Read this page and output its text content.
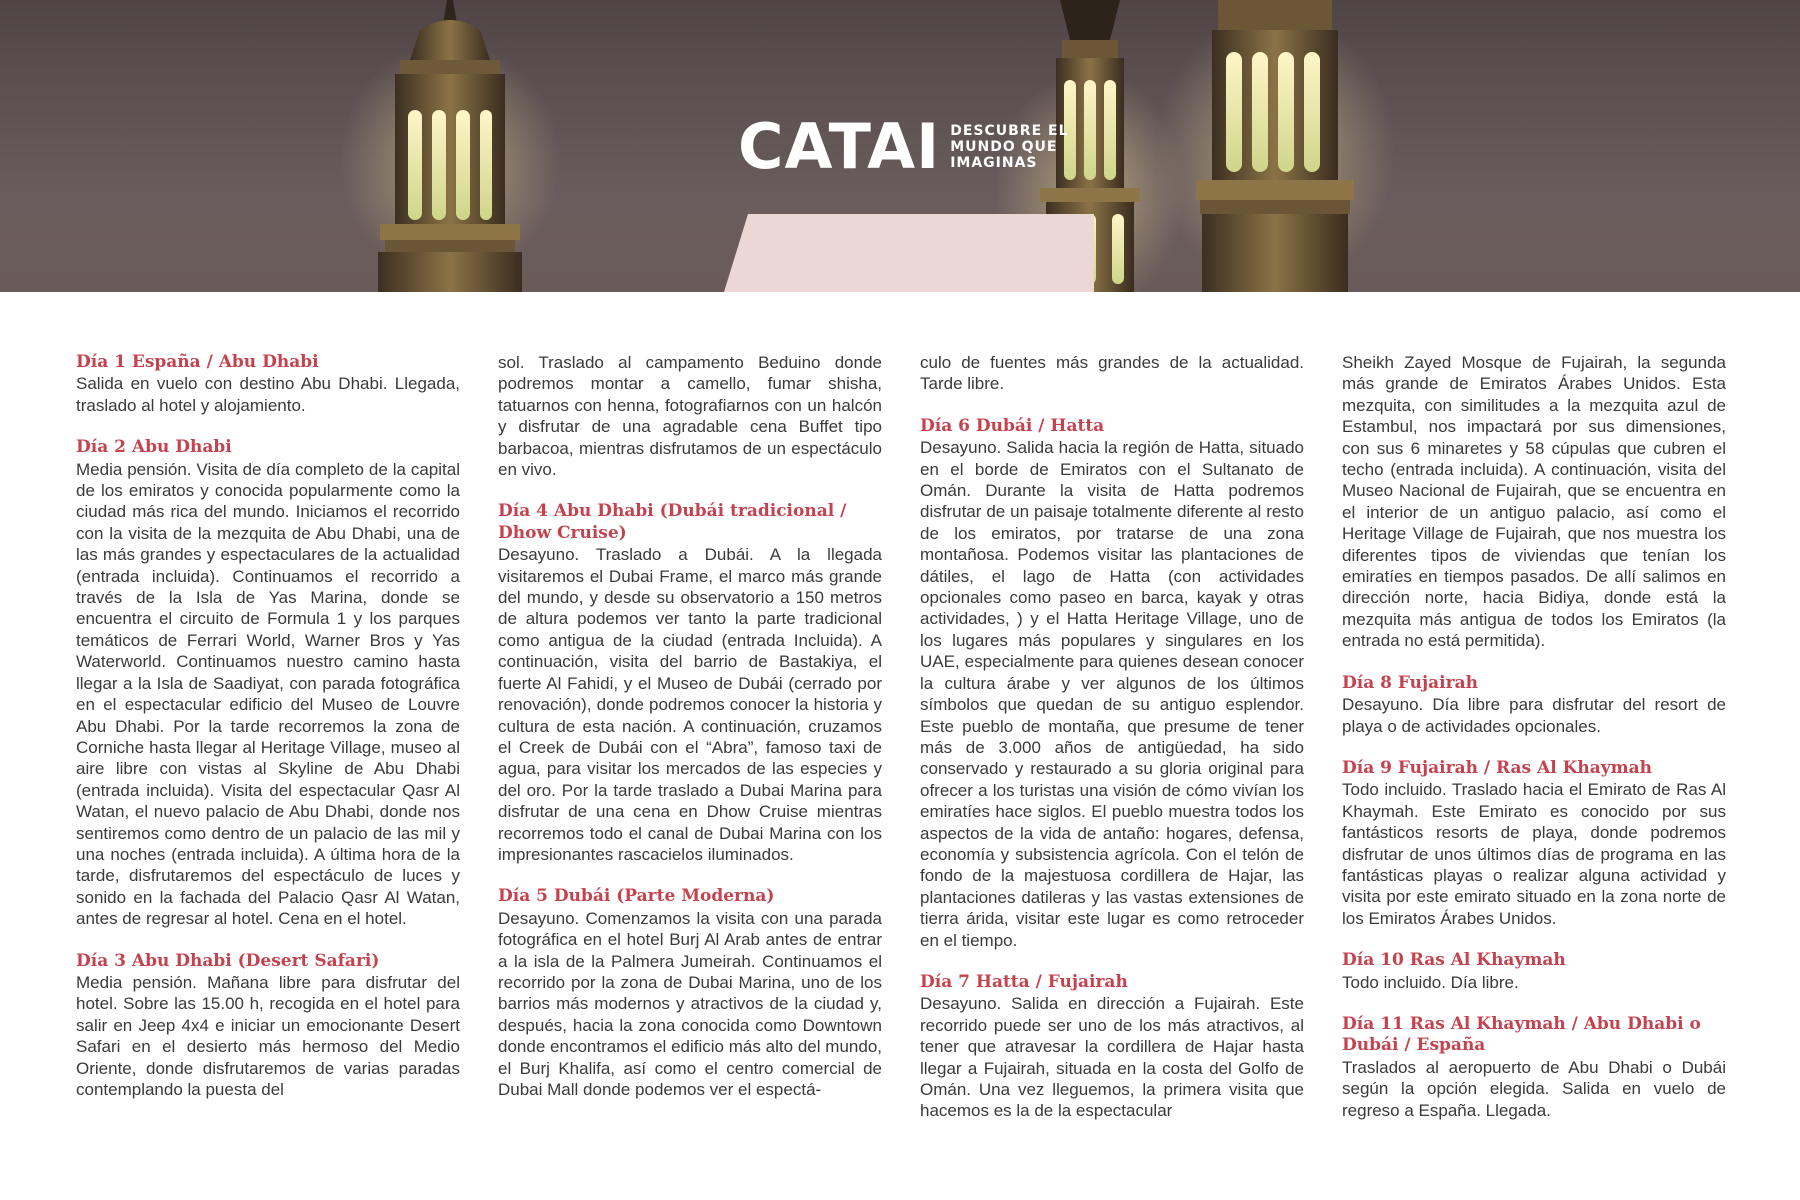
CATAI DESCUBRE EL
MUNDO QUE
IMAGINAS

Día 1 España / Abu Dhabi
Salida en vuelo con destino Abu Dhabi. Llegada, traslado al hotel y alojamiento.

Día 2 Abu Dhabi
Media pensión. Visita de día completo de la capital de los emiratos y conocida popularmente como la ciudad más rica del mundo. Iniciamos el recorrido con la visita de la mezquita de Abu Dhabi, una de las más grandes y espectaculares de la actualidad (entrada incluida). Continuamos el recorrido a través de la Isla de Yas Marina, donde se encuentra el circuito de Formula 1 y los parques temáticos de Ferrari World, Warner Bros y Yas Waterworld. Continuamos nuestro camino hasta llegar a la Isla de Saadiyat, con parada fotográfica en el espectacular edificio del Museo de Louvre Abu Dhabi. Por la tarde recorremos la zona de Corniche hasta llegar al Heritage Village, museo al aire libre con vistas al Skyline de Abu Dhabi (entrada incluida). Visita del espectacular Qasr Al Watan, el nuevo palacio de Abu Dhabi, donde nos sentiremos como dentro de un palacio de las mil y una noches (entrada incluida). A última hora de la tarde, disfrutaremos del espectáculo de luces y sonido en la fachada del Palacio Qasr Al Watan, antes de regresar al hotel. Cena en el hotel.

Día 3 Abu Dhabi (Desert Safari)
Media pensión. Mañana libre para disfrutar del hotel. Sobre las 15.00 h, recogida en el hotel para salir en Jeep 4x4 e iniciar un emocionante Desert Safari en el desierto más hermoso del Medio Oriente, donde disfrutaremos de varias paradas contemplando la puesta del

sol. Traslado al campamento Beduino donde podremos montar a camello, fumar shisha, tatuarnos con henna, fotografiarnos con un halcón y disfrutar de una agradable cena Buffet tipo barbacoa, mientras disfrutamos de un espectáculo en vivo.

Día 4 Abu Dhabi (Dubái tradicional / Dhow Cruise)
Desayuno. Traslado a Dubái. A la llegada visitaremos el Dubai Frame, el marco más grande del mundo, y desde su observatorio a 150 metros de altura podemos ver tanto la parte tradicional como antigua de la ciudad (entrada Incluida). A continuación, visita del barrio de Bastakiya, el fuerte Al Fahidi, y el Museo de Dubái (cerrado por renovación), donde podremos conocer la historia y cultura de esta nación. A continuación, cruzamos el Creek de Dubái con el “Abra”, famoso taxi de agua, para visitar los mercados de las especies y del oro. Por la tarde traslado a Dubai Marina para disfrutar de una cena en Dhow Cruise mientras recorremos todo el canal de Dubai Marina con los impresionantes rascacielos iluminados.

Día 5 Dubái (Parte Moderna)
Desayuno. Comenzamos la visita con una parada fotográfica en el hotel Burj Al Arab antes de entrar a la isla de la Palmera Jumeirah. Continuamos el recorrido por la zona de Dubai Marina, uno de los barrios más modernos y atractivos de la ciudad y, después, hacia la zona conocida como Downtown donde encontramos el edificio más alto del mundo, el Burj Khalifa, así como el centro comercial de Dubai Mall donde podemos ver el espectá-

culo de fuentes más grandes de la actualidad. Tarde libre.

Día 6 Dubái / Hatta
Desayuno. Salida hacia la región de Hatta, situado en el borde de Emiratos con el Sultanato de Omán. Durante la visita de Hatta podremos disfrutar de un paisaje totalmente diferente al resto de los emiratos, por tratarse de una zona montañosa. Podemos visitar las plantaciones de dátiles, el lago de Hatta (con actividades opcionales como paseo en barca, kayak y otras actividades, ) y el Hatta Heritage Village, uno de los lugares más populares y singulares en los UAE, especialmente para quienes desean conocer la cultura árabe y ver algunos de los últimos símbolos que quedan de su antiguo esplendor. Este pueblo de montaña, que presume de tener más de 3.000 años de antigüedad, ha sido conservado y restaurado a su gloria original para ofrecer a los turistas una visión de cómo vivían los emiratíes hace siglos. El pueblo muestra todos los aspectos de la vida de antaño: hogares, defensa, economía y subsistencia agrícola. Con el telón de fondo de la majestuosa cordillera de Hajar, las plantaciones datileras y las vastas extensiones de tierra árida, visitar este lugar es como retroceder en el tiempo.

Día 7 Hatta / Fujairah
Desayuno. Salida en dirección a Fujairah. Este recorrido puede ser uno de los más atractivos, al tener que atravesar la cordillera de Hajar hasta llegar a Fujairah, situada en la costa del Golfo de Omán. Una vez lleguemos, la primera visita que hacemos es la de la espectacular

Sheikh Zayed Mosque de Fujairah, la segunda más grande de Emiratos Árabes Unidos. Esta mezquita, con similitudes a la mezquita azul de Estambul, nos impactará por sus dimensiones, con sus 6 minaretes y 58 cúpulas que cubren el techo (entrada incluida). A continuación, visita del Museo Nacional de Fujairah, que se encuentra en el interior de un antiguo palacio, así como el Heritage Village de Fujairah, que nos muestra los diferentes tipos de viviendas que tenían los emiratíes en tiempos pasados. De allí salimos en dirección norte, hacia Bidiya, donde está la mezquita más antigua de todos los Emiratos (la entrada no está permitida).

Día 8 Fujairah
Desayuno. Día libre para disfrutar del resort de playa o de actividades opcionales.

Día 9 Fujairah / Ras Al Khaymah
Todo incluido. Traslado hacia el Emirato de Ras Al Khaymah. Este Emirato es conocido por sus fantásticos resorts de playa, donde podremos disfrutar de unos últimos días de programa en las fantásticas playas o realizar alguna actividad y visita por este emirato situado en la zona norte de los Emiratos Árabes Unidos.

Día 10 Ras Al Khaymah
Todo incluido. Día libre.

Día 11 Ras Al Khaymah / Abu Dhabi o Dubái / España
Traslados al aeropuerto de Abu Dhabi o Dubái según la opción elegida. Salida en vuelo de regreso a España. Llegada.
